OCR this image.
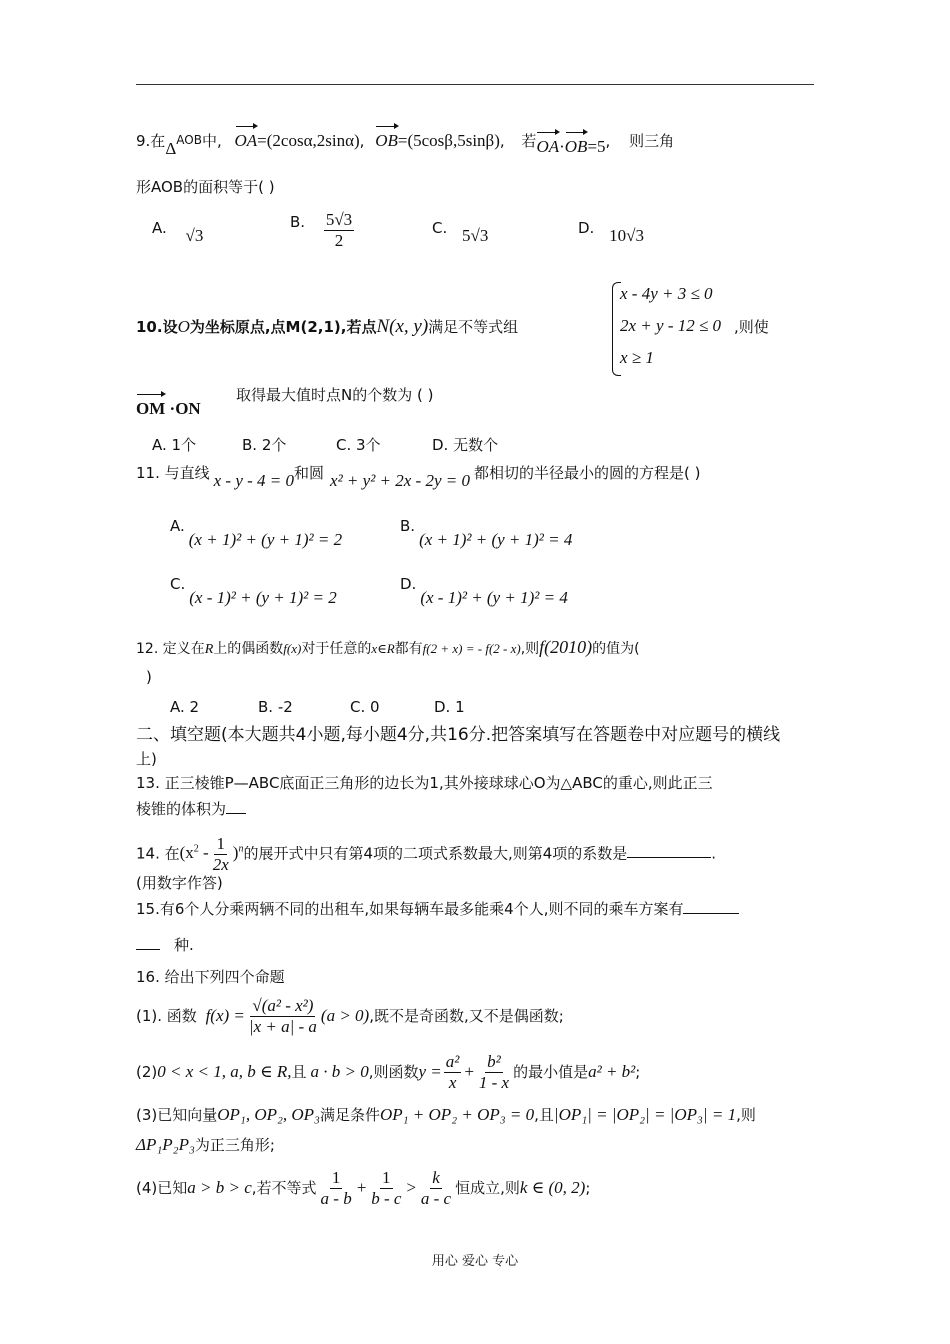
9.在ΔAOB中, OA=(2cosα,2sinα), OB=(5cosβ,5sinβ), 若OA·OB=5, 则三角
形AOB的面积等于( )
A. √3
B. $\frac{5√3}{2}$	C. 5√3	D. 10√3
10.设O为坐标原点,点M(2,1),若点N(x, y)满足不等式组
x - 4y + 3 ≤ 0
2x + y - 12 ≤ 0
x ≥ 1
,则使
OM ·ON
取得最大值时点N的个数为 ( )
A. 1个	B. 2个	C. 3个	D. 无数个
11. 与直线 x - y - 4 = 0和圆 x² + y² + 2x - 2y = 0 都相切的半径最小的圆的方程是( )
A.(x + 1)² + (y + 1)² = 2
B.(x + 1)² + (y + 1)² = 4
C.(x - 1)² + (y + 1)² = 2
D.(x - 1)² + (y + 1)² = 4
12. 定义在R上的偶函数f(x)对于任意的x∈R都有f(2 + x) = - f(2 - x),则f(2010)的值为(
)
A. 2	B. -2	C. 0	D. 1
二、填空题(本大题共4小题,每小题4分,共16分.把答案填写在答题卷中对应题号的横线
上)
13. 正三棱锥P—ABC底面正三角形的边长为1,其外接球球心O为△ABC的重心,则此正三
棱锥的体积为
14. 在$(x^2 - \frac{1}{2x} )^n$的展开式中只有第4项的二项式系数最大,则第4项的系数是	.
(用数字作答)
15.有6个人分乘两辆不同的出租车,如果每辆车最多能乘4个人,则不同的乘车方案有
种.
16. 给出下列四个命题
(1). 函数 $f(x) = \frac{\text{√(a² - x²)}}{|x + a| - a} (a > 0)$,既不是奇函数,又不是偶函数;
(2)0 < x < 1, a, b ∈ R,且 a · b > 0,则函数$y = \frac{\text{a²}}{x} + \frac{\text{b²}}{1 - x}$ 的最小值是a² + b²;
(3)已知向量OP₁, OP₂, OP₃满足条件OP₁ + OP₂ + OP₃ = 0,且|OP₁| = |OP₂| = |OP₃| = 1,则
ΔP₁P₂P₃为正三角形;
(4)已知a > b > c,若不等式 $\frac{1}{a - b} + \frac{1}{b - c} > \frac{k}{a - c}$ 恒成立,则k ∈ (0, 2);
用心 爱心 专心
